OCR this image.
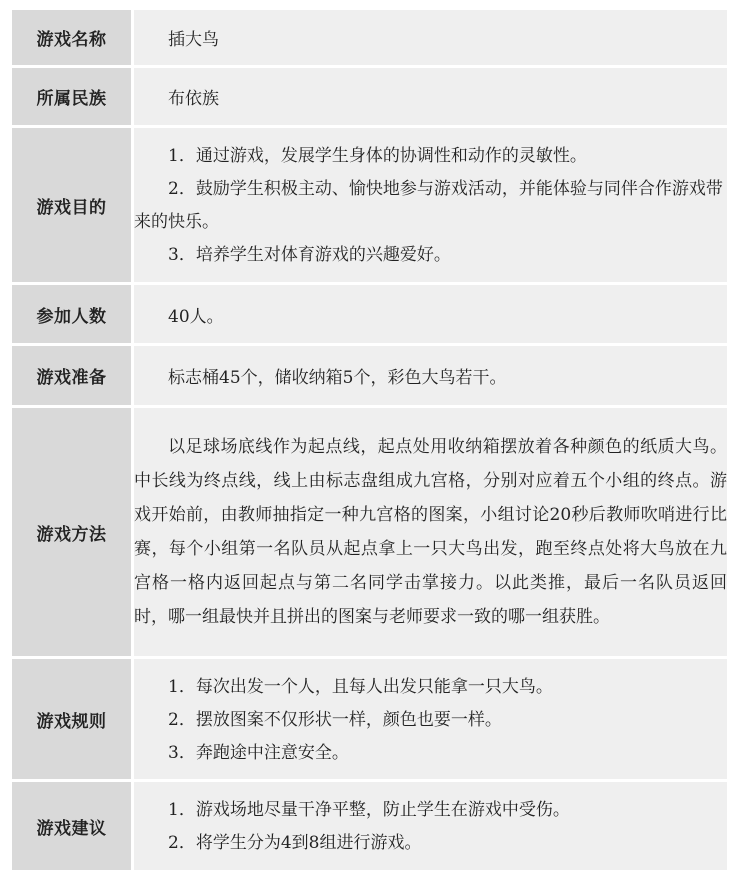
游戏名称	插大鸟

所属民族	布依族

游戏目的	1．通过游戏，发展学生身体的协调性和动作的灵敏性。

2．鼓励学生积极主动、愉快地参与游戏活动，并能体验与同伴合作游戏带来的快乐。

3．培养学生对体育游戏的兴趣爱好。

参加人数	40人。

游戏准备	标志桶45个，储收纳箱5个，彩色大鸟若干。

游戏方法	以足球场底线作为起点线，起点处用收纳箱摆放着各种颜色的纸质大鸟。中长线为终点线，线上由标志盘组成九宫格，分别对应着五个小组的终点。游戏开始前，由教师抽指定一种九宫格的图案，小组讨论20秒后教师吹哨进行比赛，每个小组第一名队员从起点拿上一只大鸟出发，跑至终点处将大鸟放在九宫格一格内返回起点与第二名同学击掌接力。以此类推，最后一名队员返回时，哪一组最快并且拼出的图案与老师要求一致的哪一组获胜。

游戏规则	1．每次出发一个人，且每人出发只能拿一只大鸟。

2．摆放图案不仅形状一样，颜色也要一样。

3．奔跑途中注意安全。

游戏建议	1．游戏场地尽量干净平整，防止学生在游戏中受伤。

2．将学生分为4到8组进行游戏。
